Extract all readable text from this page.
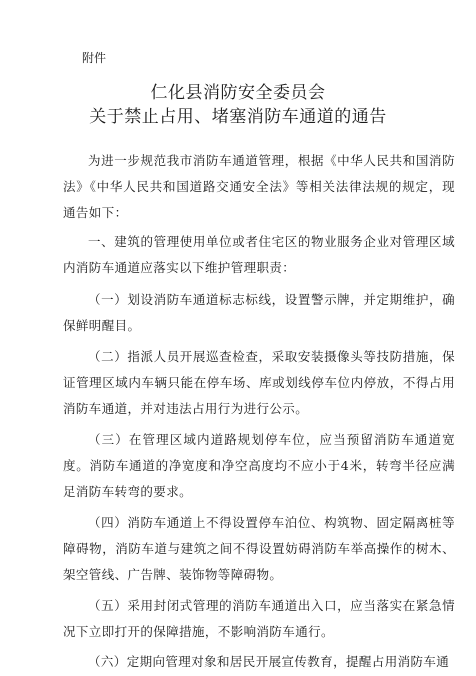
附件

仁化县消防安全委员会
关于禁止占用、堵塞消防车通道的通告

为进一步规范我市消防车通道管理，根据《中华人民共和国消防法》《中华人民共和国道路交通安全法》等相关法律法规的规定，现通告如下：

一、建筑的管理使用单位或者住宅区的物业服务企业对管理区域内消防车通道应落实以下维护管理职责：

（一）划设消防车通道标志标线，设置警示牌，并定期维护，确保鲜明醒目。

（二）指派人员开展巡查检查，采取安装摄像头等技防措施，保证管理区域内车辆只能在停车场、库或划线停车位内停放，不得占用消防车通道，并对违法占用行为进行公示。

（三）在管理区域内道路规划停车位，应当预留消防车通道宽度。消防车通道的净宽度和净空高度均不应小于4米，转弯半径应满足消防车转弯的要求。

（四）消防车通道上不得设置停车泊位、构筑物、固定隔离桩等障碍物，消防车道与建筑之间不得设置妨碍消防车举高操作的树木、架空管线、广告牌、装饰物等障碍物。

（五）采用封闭式管理的消防车通道出入口，应当落实在紧急情况下立即打开的保障措施，不影响消防车通行。

（六）定期向管理对象和居民开展宣传教育，提醒占用消防车通
